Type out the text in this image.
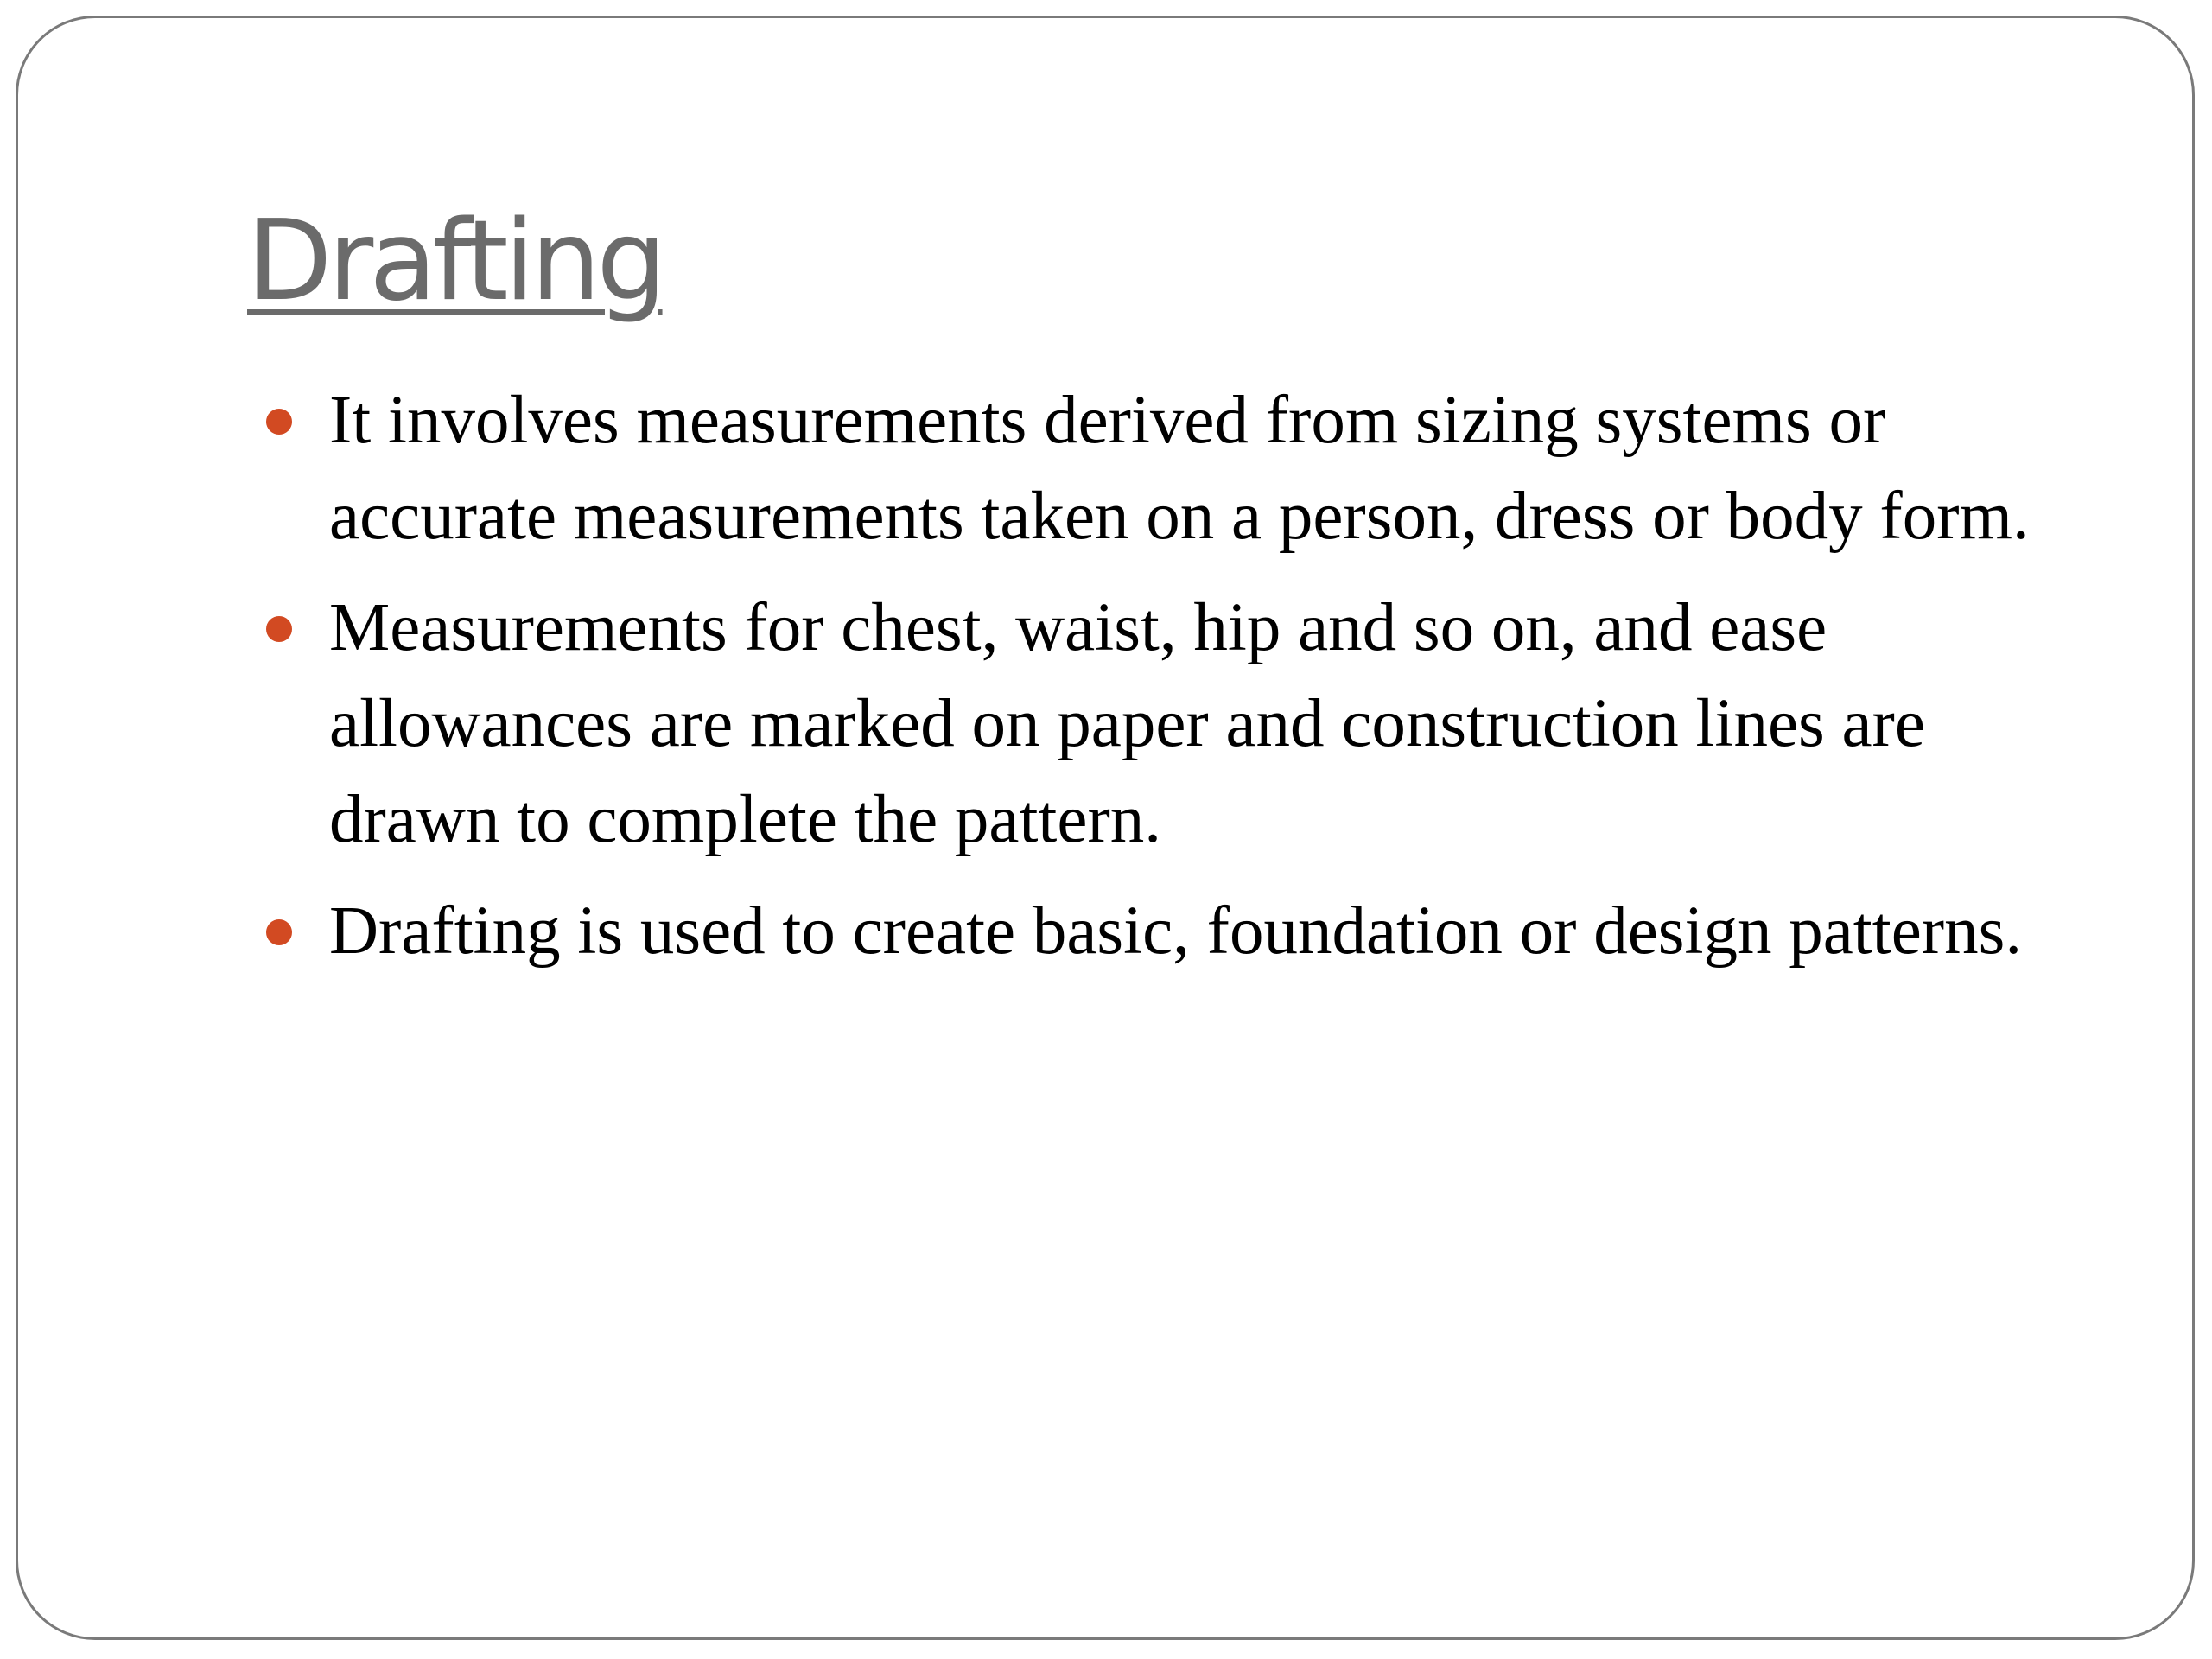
Drafting
It involves measurements derived from sizing systems or accurate measurements taken on a person, dress or body form.
Measurements for chest, waist, hip and so on, and ease allowances are marked on paper and construction lines are drawn to complete the pattern.
Drafting is used to create basic, foundation or design patterns.
